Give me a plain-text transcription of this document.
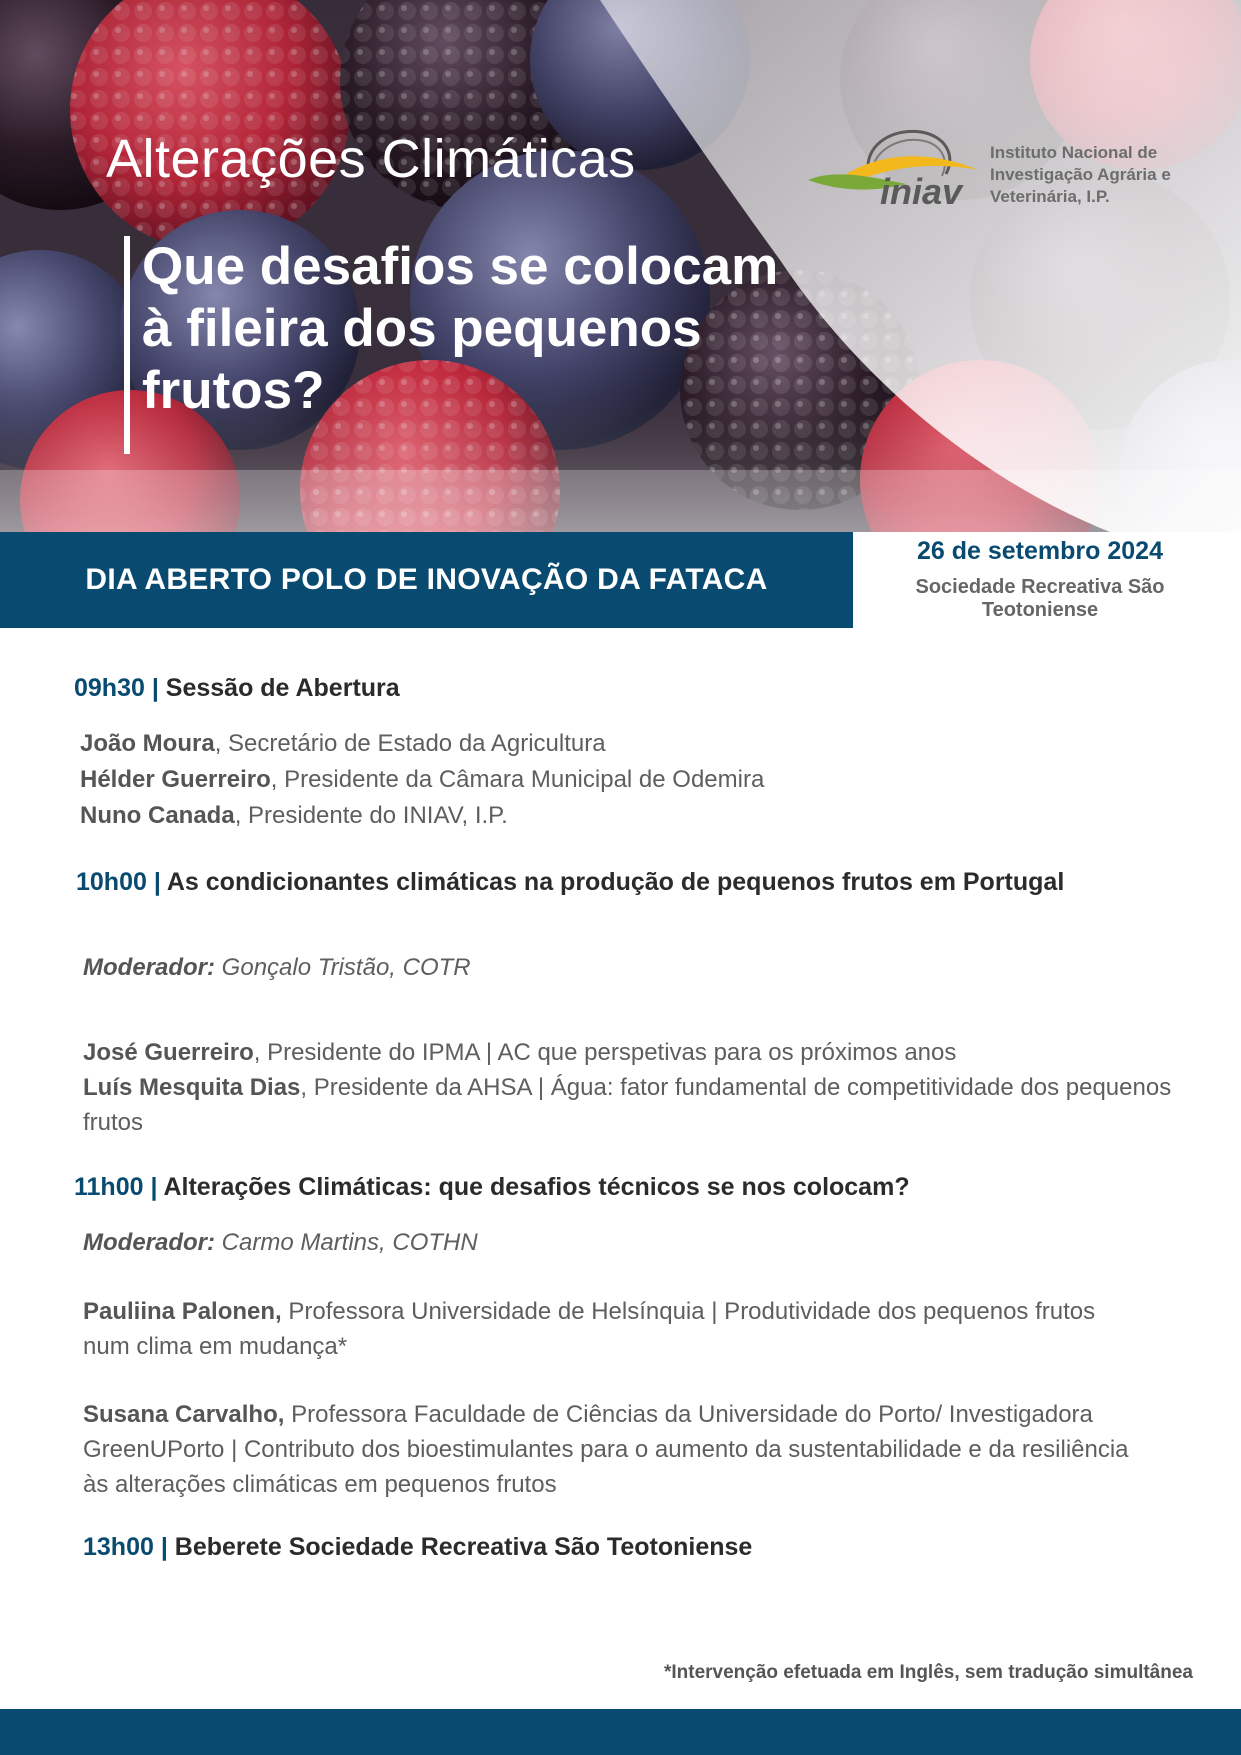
Alterações Climáticas
Que desafios se colocam à fileira dos pequenos frutos?
iniav
Instituto Nacional de
Investigação Agrária e
Veterinária, I.P.
DIA ABERTO POLO DE INOVAÇÃO DA FATACA
26 de setembro 2024
Sociedade Recreativa São Teotoniense
09h30 | Sessão de Abertura
João Moura, Secretário de Estado da Agricultura
Hélder Guerreiro, Presidente da Câmara Municipal de Odemira
Nuno Canada, Presidente do INIAV, I.P.
10h00 | As condicionantes climáticas na produção de pequenos frutos em Portugal
Moderador: Gonçalo Tristão, COTR
José Guerreiro, Presidente do IPMA | AC que perspetivas para os próximos anos
Luís Mesquita Dias, Presidente da AHSA | Água: fator fundamental de competitividade dos pequenos frutos
11h00 | Alterações Climáticas: que desafios técnicos se nos colocam?
Moderador: Carmo Martins, COTHN
Pauliina Palonen, Professora Universidade de Helsínquia | Produtividade dos pequenos frutos num clima em mudança*
Susana Carvalho, Professora Faculdade de Ciências da Universidade do Porto/ Investigadora GreenUPorto | Contributo dos bioestimulantes para o aumento da sustentabilidade e da resiliência às alterações climáticas em pequenos frutos
13h00 | Beberete Sociedade Recreativa São Teotoniense
*Intervenção efetuada em Inglês, sem tradução simultânea
